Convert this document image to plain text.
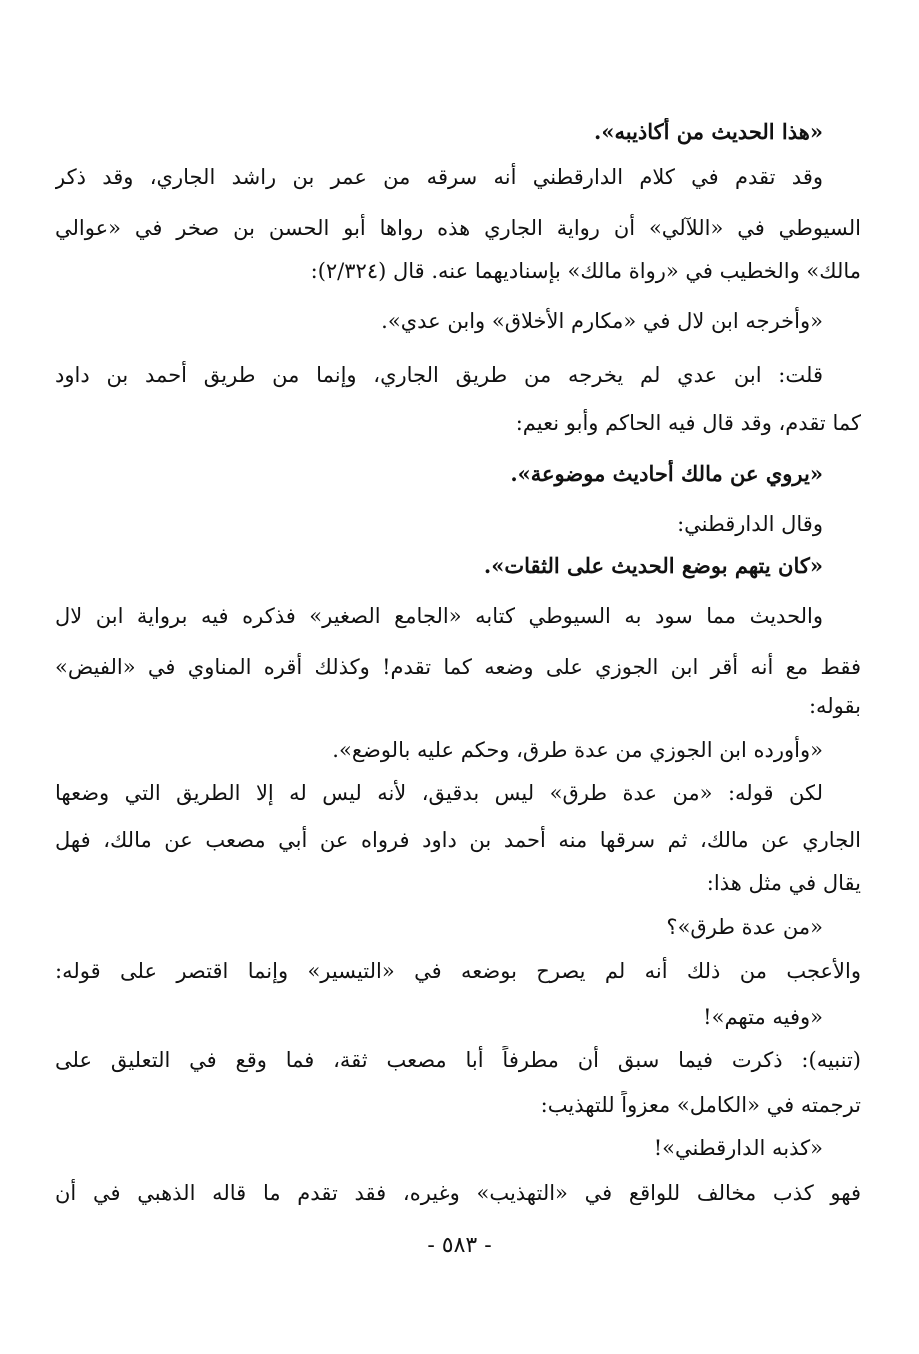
«هذا الحديث من أكاذيبه».
وقد تقدم في كلام الدارقطني أنه سرقه من عمر بن راشد الجاري، وقد ذكر
السيوطي في «اللآلي» أن رواية الجاري هذه رواها أبو الحسن بن صخر في «عوالي
مالك» والخطيب في «رواة مالك» بإسناديهما عنه. قال (٢/٣٢٤):
«وأخرجه ابن لال في «مكارم الأخلاق» وابن عدي».
قلت: ابن عدي لم يخرجه من طريق الجاري، وإنما من طريق أحمد بن داود
كما تقدم، وقد قال فيه الحاكم وأبو نعيم:
«يروي عن مالك أحاديث موضوعة».
وقال الدارقطني:
«كان يتهم بوضع الحديث على الثقات».
والحديث مما سود به السيوطي كتابه «الجامع الصغير» فذكره فيه برواية ابن لال
فقط مع أنه أقر ابن الجوزي على وضعه كما تقدم! وكذلك أقره المناوي في «الفيض»
بقوله:
«وأورده ابن الجوزي من عدة طرق، وحكم عليه بالوضع».
لكن قوله: «من عدة طرق» ليس بدقيق، لأنه ليس له إلا الطريق التي وضعها
الجاري عن مالك، ثم سرقها منه أحمد بن داود فرواه عن أبي مصعب عن مالك، فهل
يقال في مثل هذا:
«من عدة طرق»؟
والأعجب من ذلك أنه لم يصرح بوضعه في «التيسير» وإنما اقتصر على قوله:
«وفيه متهم»!
(تنبيه): ذكرت فيما سبق أن مطرفاً أبا مصعب ثقة، فما وقع في التعليق على
ترجمته في «الكامل» معزواً للتهذيب:
«كذبه الدارقطني»!
فهو كذب مخالف للواقع في «التهذيب» وغيره، فقد تقدم ما قاله الذهبي في أن
- ٥٨٣ -
